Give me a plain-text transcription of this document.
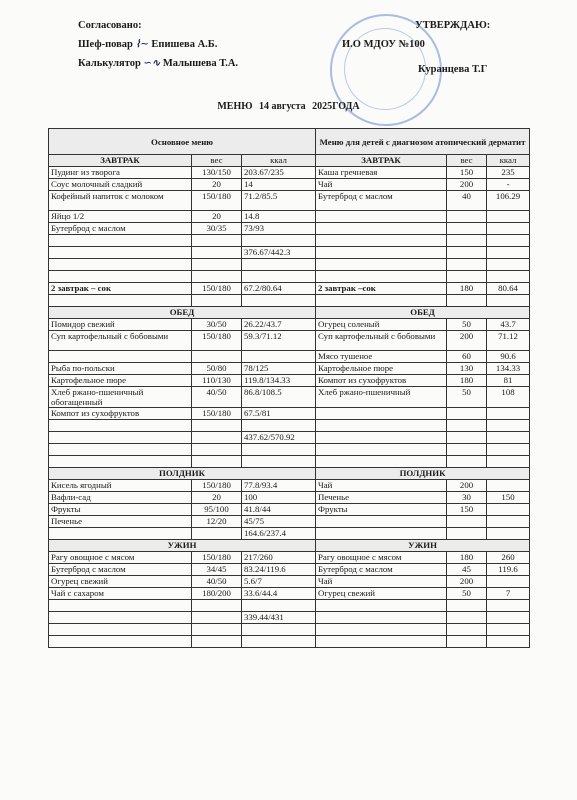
Согласовано:
Шеф-повар ⌇∼ Епишева А.Б.
Калькулятор ∽∿ Малышева Т.А.
УТВЕРЖДАЮ:
И.О МДОУ №100
Куранцева Т.Г
МЕНЮ 14 августа 2025ГОДА
Основное меню			Меню для детей с диагнозом атопический дерматит		
ЗАВТРАК	вес	ккал	ЗАВТРАК	вес	ккал
Пудинг из творога	130/150	203.67/235	Каша гречневая	150	235
Соус молочный сладкий	20	14	Чай	200	-
Кофейный напиток с молоком	150/180	71.2/85.5	Бутерброд с маслом	40	106.29
Яйцо 1/2	20	14.8			
Бутерброд с маслом	30/35	73/93			

		376.67/442.3			

2 завтрак – сок	150/180	67.2/80.64	2 завтрак –сок	180	80.64

ОБЕД			ОБЕД		
Помидор свежий	30/50	26.22/43.7	Огурец соленый	50	43.7
Суп картофельный с бобовыми	150/180	59.3/71.12	Суп картофельный с бобовыми	200	71.12
			Мясо тушеное	60	90.6
Рыба по-польски	50/80	78/125	Картофельное пюре	130	134.33
Картофельное пюре	110/130	119.8/134.33	Компот из сухофруктов	180	81
Хлеб ржано-пшеничный обогащенный	40/50	86.8/108.5	Хлеб ржано-пшеничный	50	108
Компот из сухофруктов	150/180	67.5/81			

		437.62/570.92			

ПОЛДНИК			ПОЛДНИК		
Кисель ягодный	150/180	77.8/93.4	Чай	200	
Вафли-сад	20	100	Печенье	30	150
Фрукты	95/100	41.8/44	Фрукты	150	
Печенье	12/20	45/75			
		164.6/237.4			
УЖИН			УЖИН		
Рагу овощное с мясом	150/180	217/260	Рагу овощное с мясом	180	260
Бутерброд с маслом	34/45	83.24/119.6	Бутерброд с маслом	45	119.6
Огурец свежий	40/50	5.6/7	Чай	200	
Чай с сахаром	180/200	33.6/44.4	Огурец свежий	50	7

		339.44/431			
